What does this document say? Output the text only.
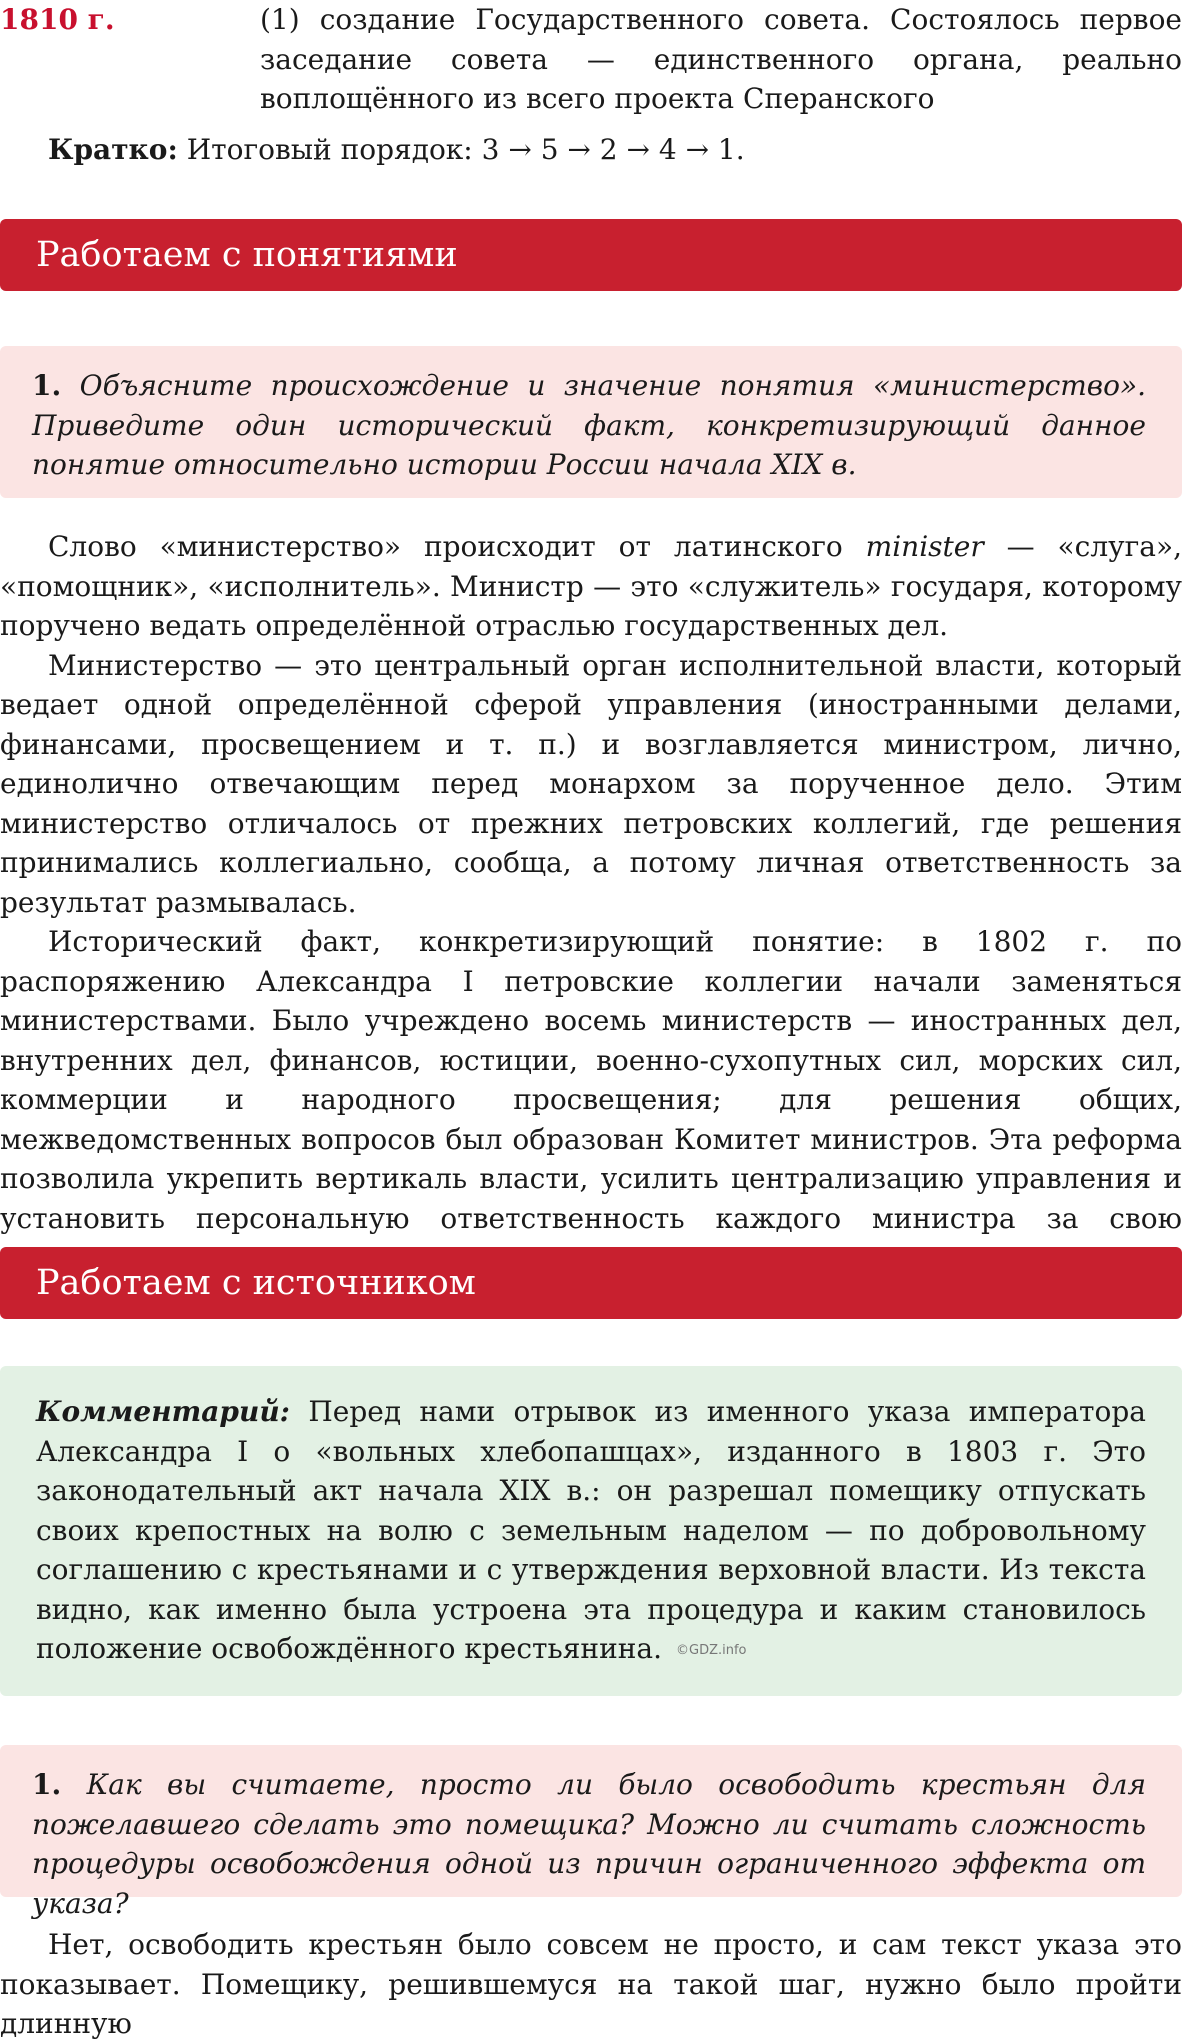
1810 г.	(1) создание Государственного совета. Состоялось первое заседание совета — единственного органа, реально воплощённого из всего проекта Сперанского
Кратко: Итоговый порядок: 3 → 5 → 2 → 4 → 1.
Работаем с понятиями
1. Объясните происхождение и значение понятия «министерство». Приведите один исторический факт, конкретизирующий данное понятие относительно истории России начала XIX в.

Слово «министерство» происходит от латинского minister — «слуга», «помощник», «исполнитель». Министр — это «служитель» государя, которому поручено ведать определённой отраслью государственных дел.

Министерство — это центральный орган исполнительной власти, который ведает одной определённой сферой управления (иностранными делами, финансами, просвещением и т. п.) и возглавляется министром, лично, единолично отвечающим перед монархом за порученное дело. Этим министерство отличалось от прежних петровских коллегий, где решения принимались коллегиально, сообща, а потому личная ответственность за результат размывалась.

Исторический факт, конкретизирующий понятие: в 1802 г. по распоряжению Александра I петровские коллегии начали заменяться министерствами. Было учреждено восемь министерств — иностранных дел, внутренних дел, финансов, юстиции, военно-сухопутных сил, морских сил, коммерции и народного просвещения; для решения общих, межведомственных вопросов был образован Комитет министров. Эта реформа позволила укрепить вертикаль власти, усилить централизацию управления и установить персональную ответственность каждого министра за свою

Работаем с источником
Комментарий: Перед нами отрывок из именного указа императора Александра I о «вольных хлебопашцах», изданного в 1803 г. Это законодательный акт начала XIX в.: он разрешал помещику отпускать своих крепостных на волю с земельным наделом — по добровольному соглашению с крестьянами и с утверждения верховной власти. Из текста видно, как именно была устроена эта процедура и каким становилось положение освобождённого крестьянина. ©GDZ.info
1. Как вы считаете, просто ли было освободить крестьян для пожелавшего сделать это помещика? Можно ли считать сложность процедуры освобождения одной из причин ограниченного эффекта от указа?

Нет, освободить крестьян было совсем не просто, и сам текст указа это показывает. Помещику, решившемуся на такой шаг, нужно было пройти длинную
